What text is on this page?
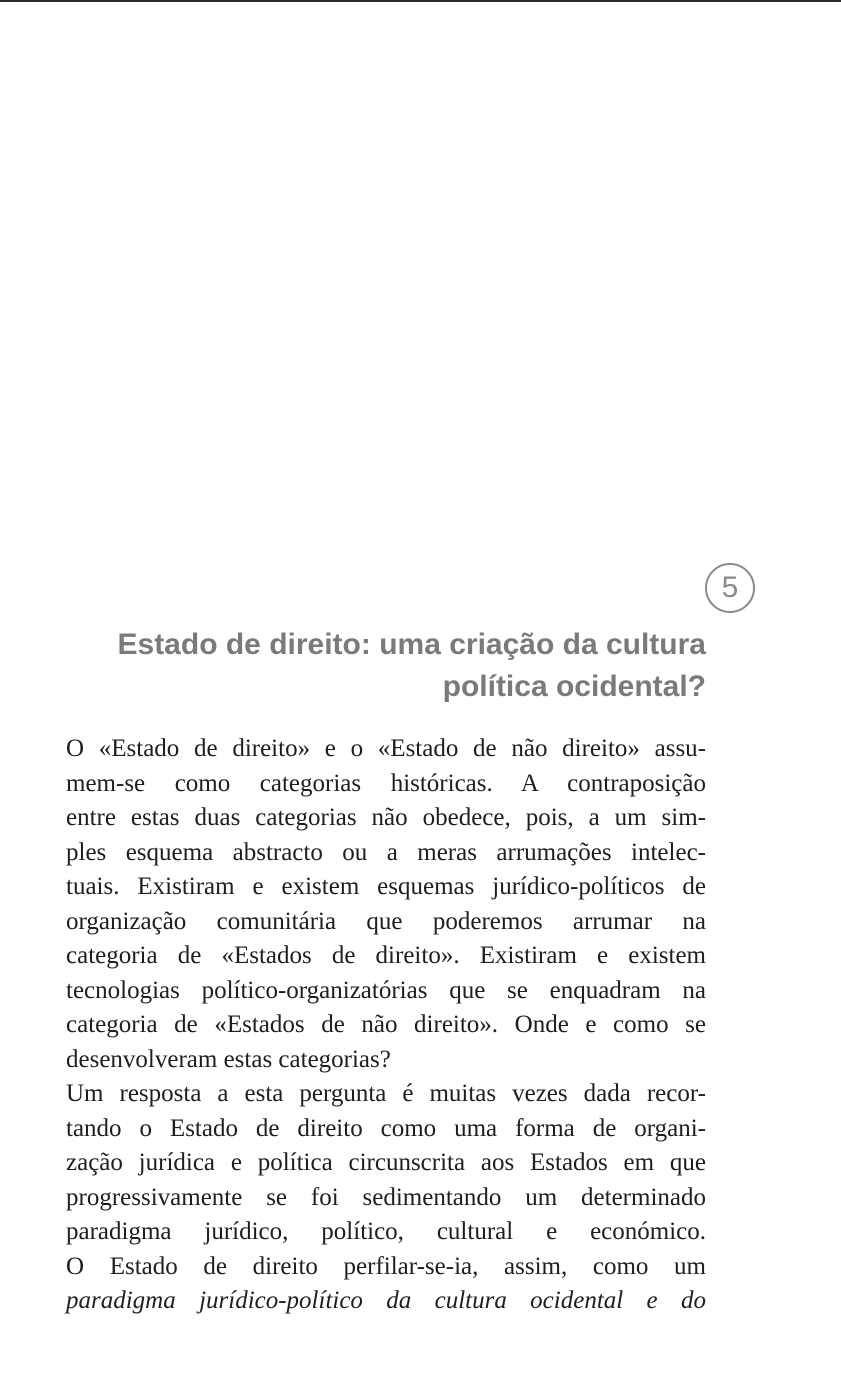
5
Estado de direito: uma criação da cultura
política ocidental?
O «Estado de direito» e o «Estado de não direito» assu-
mem-se como categorias históricas. A contraposição
entre estas duas categorias não obedece, pois, a um sim-
ples esquema abstracto ou a meras arrumações intelec-
tuais. Existiram e existem esquemas jurídico-políticos de
organização comunitária que poderemos arrumar na
categoria de «Estados de direito». Existiram e existem
tecnologias político-organizatórias que se enquadram na
categoria de «Estados de não direito». Onde e como se
desenvolveram estas categorias?
Um resposta a esta pergunta é muitas vezes dada recor-
tando o Estado de direito como uma forma de organi-
zação jurídica e política circunscrita aos Estados em que
progressivamente se foi sedimentando um determinado
paradigma jurídico, político, cultural e económico.
O Estado de direito perfilar-se-ia, assim, como um
paradigma jurídico-político da cultura ocidental e do
